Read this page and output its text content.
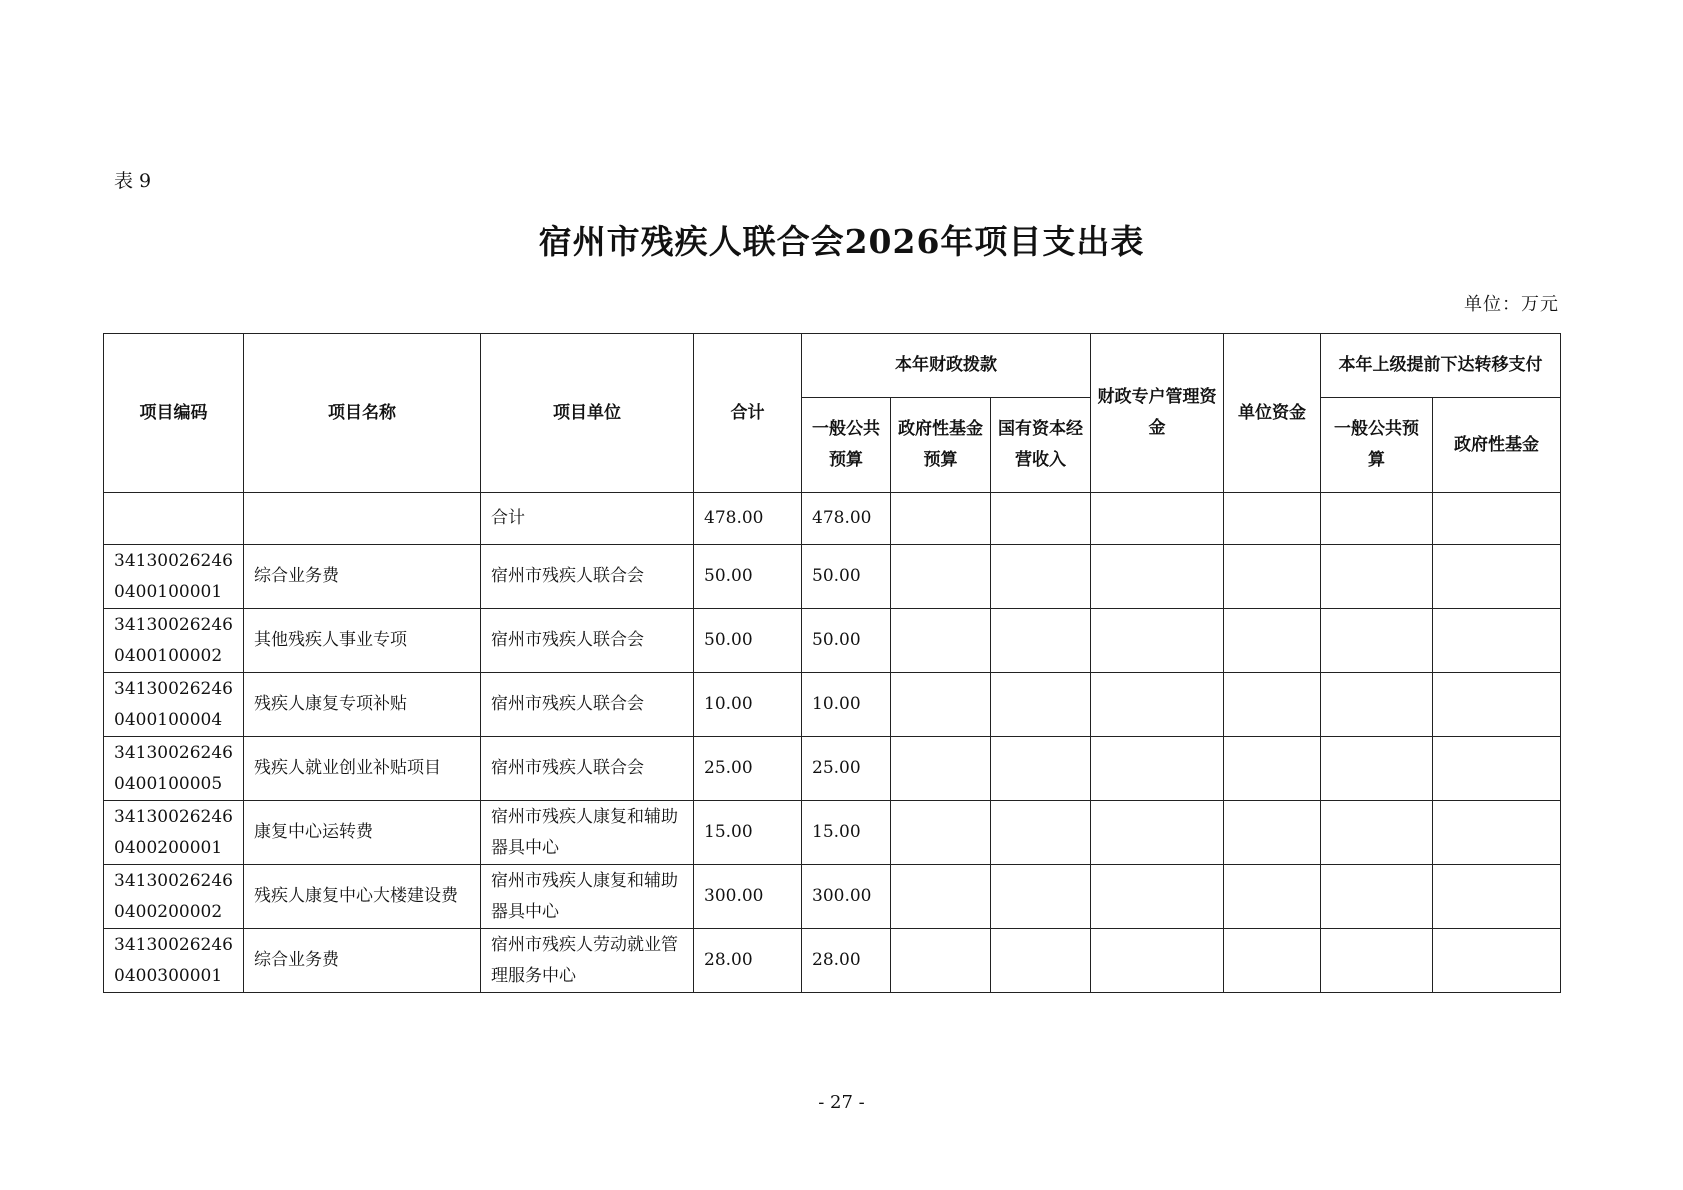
表 9
宿州市残疾人联合会2026年项目支出表
单位：万元
项目编码	项目名称	项目单位	合计	本年财政拨款			财政专户管理资金	单位资金	本年上级提前下达转移支付	
				一般公共预算	政府性基金预算	国有资本经营收入			一般公共预算	政府性基金
		合计	478.00	478.00						
341300262460400100001	综合业务费	宿州市残疾人联合会	50.00	50.00						
341300262460400100002	其他残疾人事业专项	宿州市残疾人联合会	50.00	50.00						
341300262460400100004	残疾人康复专项补贴	宿州市残疾人联合会	10.00	10.00						
341300262460400100005	残疾人就业创业补贴项目	宿州市残疾人联合会	25.00	25.00						
341300262460400200001	康复中心运转费	宿州市残疾人康复和辅助器具中心	15.00	15.00						
341300262460400200002	残疾人康复中心大楼建设费	宿州市残疾人康复和辅助器具中心	300.00	300.00						
341300262460400300001	综合业务费	宿州市残疾人劳动就业管理服务中心	28.00	28.00						
- 27 -
